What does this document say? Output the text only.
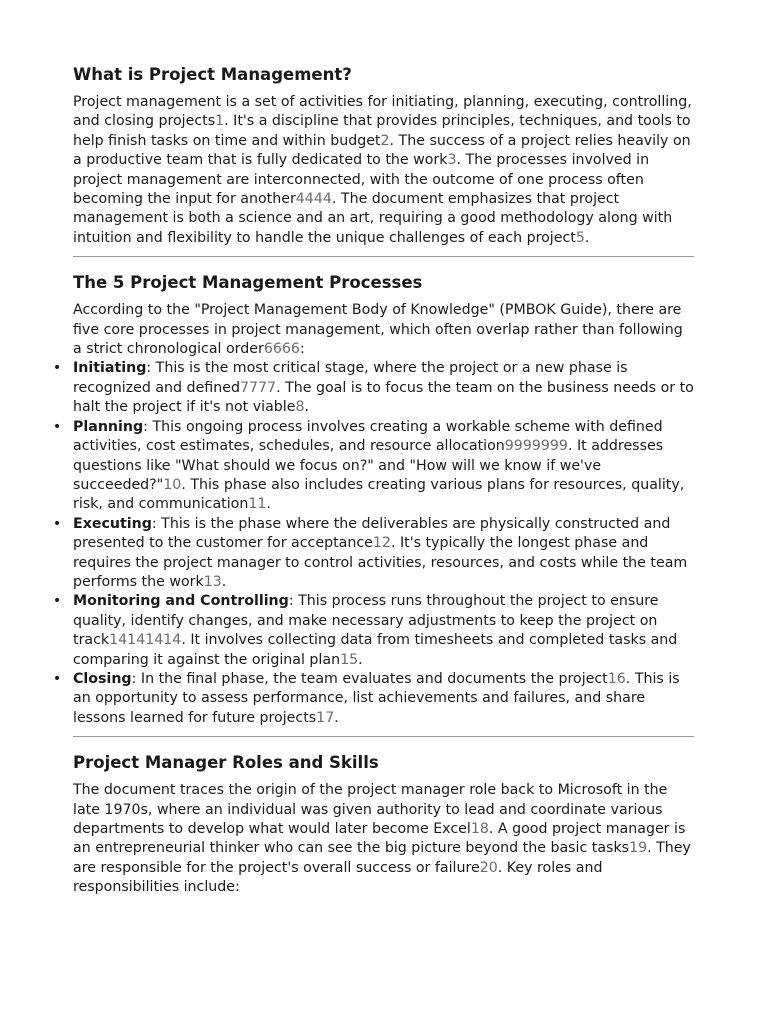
What is Project Management?

Project management is a set of activities for initiating, planning, executing, controlling, and closing projects1. It's a discipline that provides principles, techniques, and tools to help finish tasks on time and within budget2. The success of a project relies heavily on a productive team that is fully dedicated to the work3. The processes involved in project management are interconnected, with the outcome of one process often becoming the input for another4444. The document emphasizes that project management is both a science and an art, requiring a good methodology along with intuition and flexibility to handle the unique challenges of each project5.

The 5 Project Management Processes

According to the "Project Management Body of Knowledge" (PMBOK Guide), there are five core processes in project management, which often overlap rather than following a strict chronological order6666:

• Initiating: This is the most critical stage, where the project or a new phase is recognized and defined7777. The goal is to focus the team on the business needs or to halt the project if it's not viable8.
• Planning: This ongoing process involves creating a workable scheme with defined activities, cost estimates, schedules, and resource allocation9999999. It addresses questions like "What should we focus on?" and "How will we know if we've succeeded?"10. This phase also includes creating various plans for resources, quality, risk, and communication11.
• Executing: This is the phase where the deliverables are physically constructed and presented to the customer for acceptance12. It's typically the longest phase and requires the project manager to control activities, resources, and costs while the team performs the work13.
• Monitoring and Controlling: This process runs throughout the project to ensure quality, identify changes, and make necessary adjustments to keep the project on track14141414. It involves collecting data from timesheets and completed tasks and comparing it against the original plan15.
• Closing: In the final phase, the team evaluates and documents the project16. This is an opportunity to assess performance, list achievements and failures, and share lessons learned for future projects17.
Project Manager Roles and Skills

The document traces the origin of the project manager role back to Microsoft in the late 1970s, where an individual was given authority to lead and coordinate various departments to develop what would later become Excel18. A good project manager is an entrepreneurial thinker who can see the big picture beyond the basic tasks19. They are responsible for the project's overall success or failure20. Key roles and responsibilities include:
